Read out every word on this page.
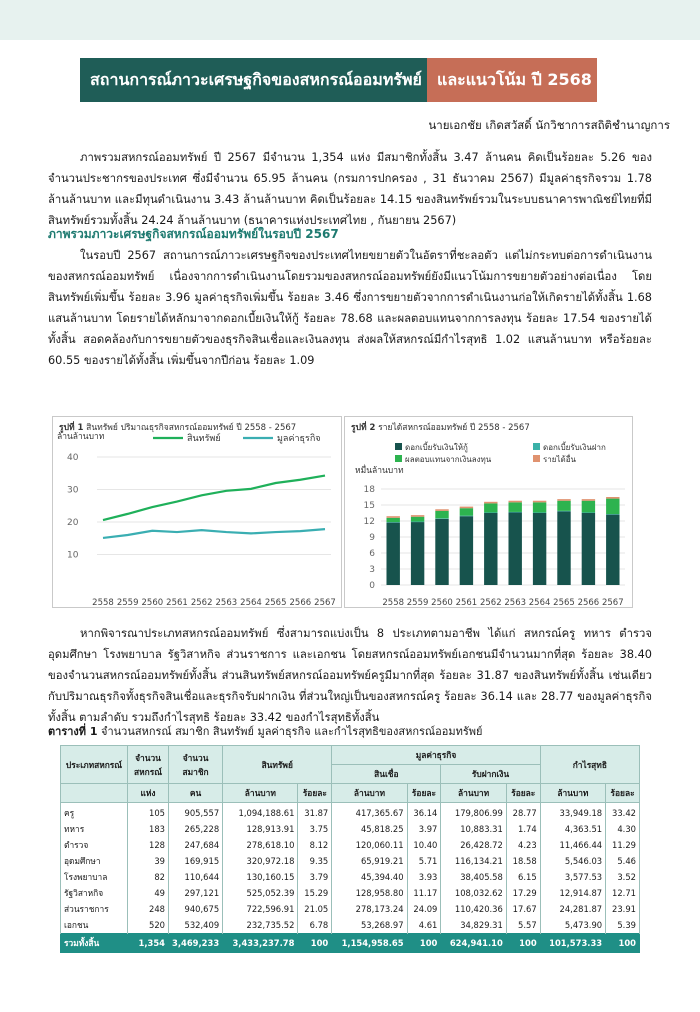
สถานการณ์ภาวะเศรษฐกิจของสหกรณ์ออมทรัพย์ และแนวโน้ม ปี 2568
นายเอกชัย เกิดสวัสดิ์ นักวิชาการสถิติชำนาญการ

ภาพรวมสหกรณ์ออมทรัพย์ ปี 2567 มีจำนวน 1,354 แห่ง มีสมาชิกทั้งสิ้น 3.47 ล้านคน คิดเป็นร้อยละ 5.26 ของจำนวนประชากรของประเทศ ซึ่งมีจำนวน 65.95 ล้านคน (กรมการปกครอง , 31 ธันวาคม 2567) มีมูลค่าธุรกิจรวม 1.78 ล้านล้านบาท และมีทุนดำเนินงาน 3.43 ล้านล้านบาท คิดเป็นร้อยละ 14.15 ของสินทรัพย์รวมในระบบธนาคารพาณิชย์ไทยที่มีสินทรัพย์รวมทั้งสิ้น 24.24 ล้านล้านบาท (ธนาคารแห่งประเทศไทย , กันยายน 2567)

ภาพรวมภาวะเศรษฐกิจสหกรณ์ออมทรัพย์ในรอบปี 2567

ในรอบปี 2567 สถานการณ์ภาวะเศรษฐกิจของประเทศไทยขยายตัวในอัตราที่ชะลอตัว แต่ไม่กระทบต่อการดำเนินงานของสหกรณ์ออมทรัพย์ เนื่องจากการดำเนินงานโดยรวมของสหกรณ์ออมทรัพย์ยังมีแนวโน้มการขยายตัวอย่างต่อเนื่อง โดยสินทรัพย์เพิ่มขึ้น ร้อยละ 3.96 มูลค่าธุรกิจเพิ่มขึ้น ร้อยละ 3.46 ซึ่งการขยายตัวจากการดำเนินงานก่อให้เกิดรายได้ทั้งสิ้น 1.68 แสนล้านบาท โดยรายได้หลักมาจากดอกเบี้ยเงินให้กู้ ร้อยละ 78.68 และผลตอบแทนจากการลงทุน ร้อยละ 17.54 ของรายได้ทั้งสิ้น สอดคล้องกับการขยายตัวของธุรกิจสินเชื่อและเงินลงทุน ส่งผลให้สหกรณ์มีกำไรสุทธิ 1.02 แสนล้านบาท หรือร้อยละ 60.55 ของรายได้ทั้งสิ้น เพิ่มขึ้นจากปีก่อน ร้อยละ 1.09

รูปที่ 1 สินทรัพย์ ปริมาณธุรกิจสหกรณ์ออมทรัพย์ ปี 2558 - 2567
ล้านล้านบาท
10
20
30
40
2558 2559 2560 2561 2562 2563 2564 2565 2566 2567
สินทรัพย์	มูลค่าธุรกิจ
รูปที่ 2 รายได้สหกรณ์ออมทรัพย์ ปี 2558 - 2567
หมื่นล้านบาท
0
3
6
9
12
15
18
2558 2559 2560 2561 2562 2563 2564 2565 2566 2567
ดอกเบี้ยรับเงินให้กู้	ดอกเบี้ยรับเงินฝาก
ผลตอบแทนจากเงินลงทุน	รายได้อื่น

หากพิจารณาประเภทสหกรณ์ออมทรัพย์ ซึ่งสามารถแบ่งเป็น 8 ประเภทตามอาชีพ ได้แก่ สหกรณ์ครู ทหาร ตำรวจ อุดมศึกษา โรงพยาบาล รัฐวิสาหกิจ ส่วนราชการ และเอกชน โดยสหกรณ์ออมทรัพย์เอกชนมีจำนวนมากที่สุด ร้อยละ 38.40 ของจำนวนสหกรณ์ออมทรัพย์ทั้งสิ้น ส่วนสินทรัพย์สหกรณ์ออมทรัพย์ครูมีมากที่สุด ร้อยละ 31.87 ของสินทรัพย์ทั้งสิ้น เช่นเดียวกับปริมาณธุรกิจทั้งธุรกิจสินเชื่อและธุรกิจรับฝากเงิน ที่ส่วนใหญ่เป็นของสหกรณ์ครู ร้อยละ 36.14 และ 28.77 ของมูลค่าธุรกิจทั้งสิ้น ตามลำดับ รวมถึงกำไรสุทธิ ร้อยละ 33.42 ของกำไรสุทธิทั้งสิ้น

ตารางที่ 1 จำนวนสหกรณ์ สมาชิก สินทรัพย์ มูลค่าธุรกิจ และกำไรสุทธิของสหกรณ์ออมทรัพย์
ประเภทสหกรณ์	จำนวนสหกรณ์	จำนวนสมาชิก	สินทรัพย์		มูลค่าธุรกิจ				กำไรสุทธิ	
					สินเชื่อ		รับฝากเงิน			
	แห่ง	คน	ล้านบาท	ร้อยละ	ล้านบาท	ร้อยละ	ล้านบาท	ร้อยละ	ล้านบาท	ร้อยละ
ครู	105	905,557	1,094,188.61	31.87	417,365.67	36.14	179,806.99	28.77	33,949.18	33.42
ทหาร	183	265,228	128,913.91	3.75	45,818.25	3.97	10,883.31	1.74	4,363.51	4.30
ตำรวจ	128	247,684	278,618.10	8.12	120,060.11	10.40	26,428.72	4.23	11,466.44	11.29
อุดมศึกษา	39	169,915	320,972.18	9.35	65,919.21	5.71	116,134.21	18.58	5,546.03	5.46
โรงพยาบาล	82	110,644	130,160.15	3.79	45,394.40	3.93	38,405.58	6.15	3,577.53	3.52
รัฐวิสาหกิจ	49	297,121	525,052.39	15.29	128,958.80	11.17	108,032.62	17.29	12,914.87	12.71
ส่วนราชการ	248	940,675	722,596.91	21.05	278,173.24	24.09	110,420.36	17.67	24,281.87	23.91
เอกชน	520	532,409	232,735.52	6.78	53,268.97	4.61	34,829.31	5.57	5,473.90	5.39
รวมทั้งสิ้น	1,354	3,469,233	3,433,237.78	100	1,154,958.65	100	624,941.10	100	101,573.33	100
